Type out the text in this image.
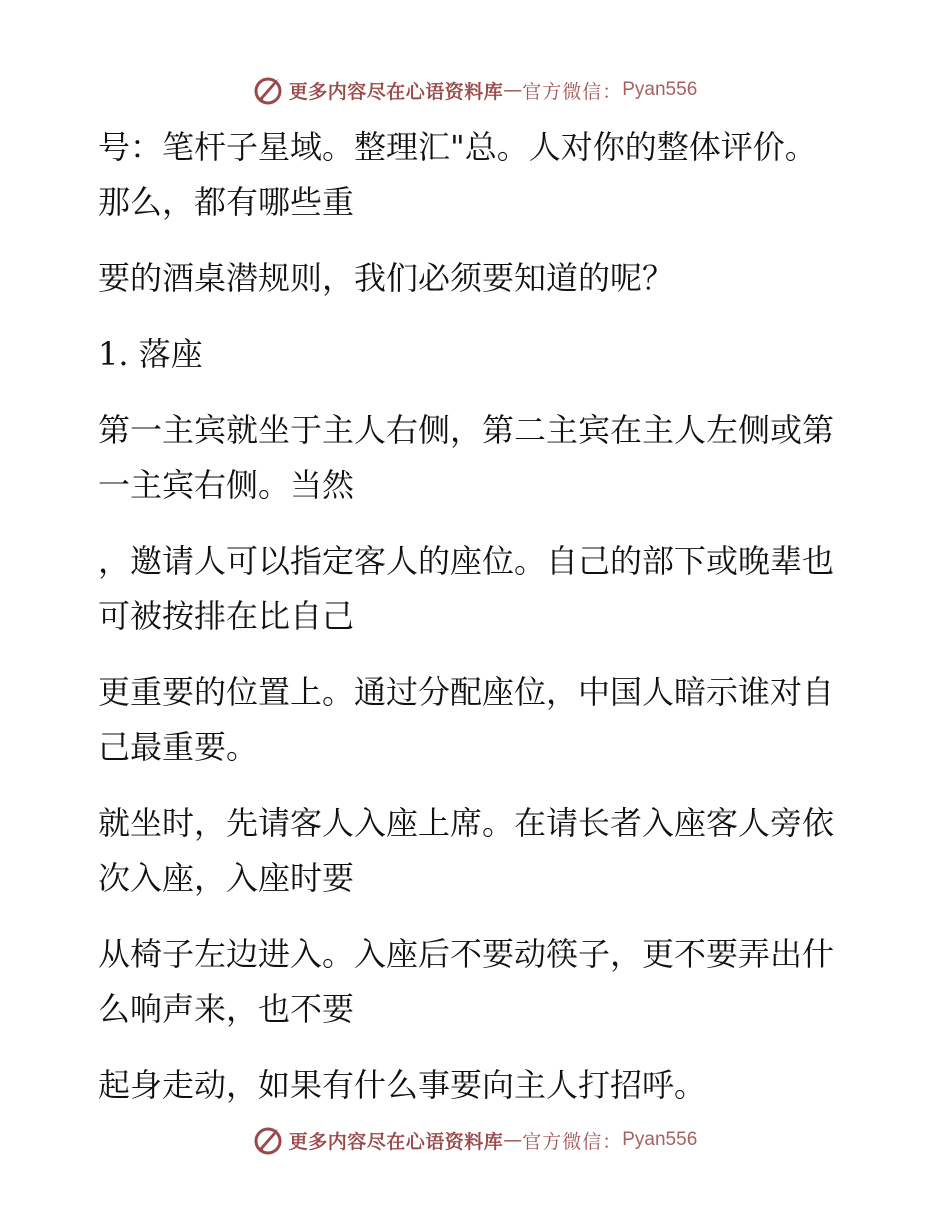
更多内容尽在心语资料库 — 官方微信： Pyan556

号：笔杆子星域。整理汇"总。人对你的整体评价。那么，都有哪些重

要的酒桌潜规则，我们必须要知道的呢？

1. 落座

第一主宾就坐于主人右侧，第二主宾在主人左侧或第一主宾右侧。当然

，邀请人可以指定客人的座位。自己的部下或晚辈也可被按排在比自己

更重要的位置上。通过分配座位，中国人暗示谁对自己最重要。

就坐时，先请客人入座上席。在请长者入座客人旁依次入座，入座时要

从椅子左边进入。入座后不要动筷子，更不要弄出什么响声来，也不要

起身走动，如果有什么事要向主人打招呼。

更多内容尽在心语资料库 — 官方微信： Pyan556
